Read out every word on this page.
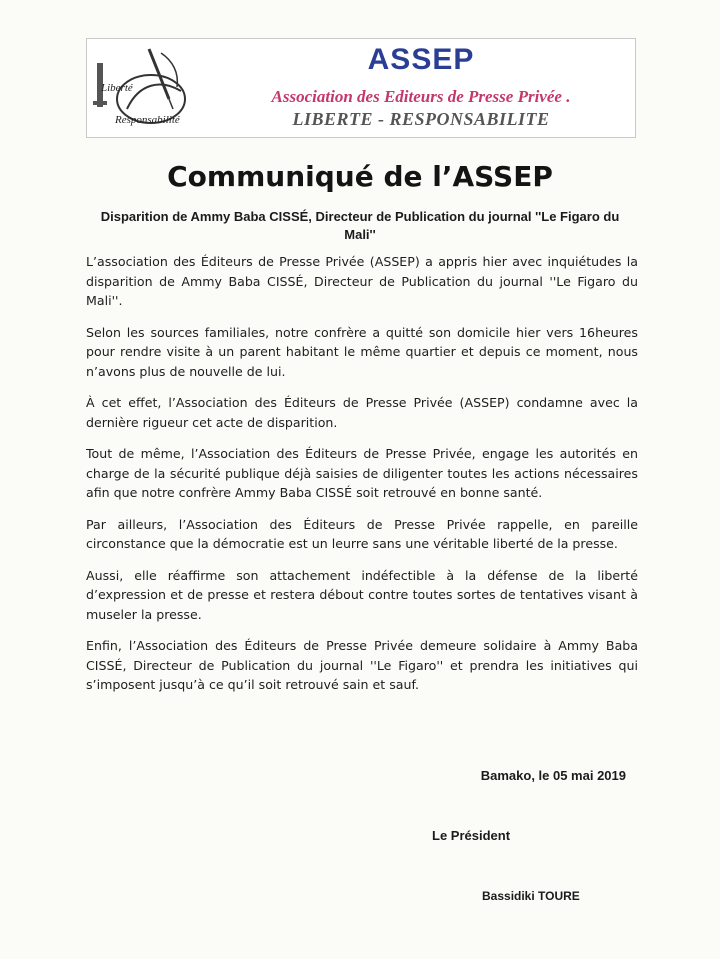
Liberté
Responsabilité
ASSEP
Association des Editeurs de Presse Privée .
LIBERTE - RESPONSABILITE
Communiqué de l’ASSEP
Disparition de Ammy Baba CISSÉ, Directeur de Publication du journal ''Le Figaro du Mali''

L’association des Éditeurs de Presse Privée (ASSEP) a appris hier avec inquiétudes la disparition de Ammy Baba CISSÉ, Directeur de Publication du journal ''Le Figaro du Mali''.

Selon les sources familiales, notre confrère a quitté son domicile hier vers 16heures pour rendre visite à un parent habitant le même quartier et depuis ce moment, nous n’avons plus de nouvelle de lui.

À cet effet, l’Association des Éditeurs de Presse Privée (ASSEP) condamne avec la dernière rigueur cet acte de disparition.

Tout de même, l’Association des Éditeurs de Presse Privée, engage les autorités en charge de la sécurité publique déjà saisies de diligenter toutes les actions nécessaires afin que notre confrère Ammy Baba CISSÉ soit retrouvé en bonne santé.

Par ailleurs, l’Association des Éditeurs de Presse Privée rappelle, en pareille circonstance que la démocratie est un leurre sans une véritable liberté de la presse.

Aussi, elle réaffirme son attachement indéfectible à la défense de la liberté d’expression et de presse et restera débout contre toutes sortes de tentatives visant à museler la presse.

Enfin, l’Association des Éditeurs de Presse Privée demeure solidaire à Ammy Baba CISSÉ, Directeur de Publication du journal ''Le Figaro'' et prendra les initiatives qui s’imposent jusqu’à ce qu’il soit retrouvé sain et sauf.

Bamako, le 05 mai 2019
Le Président
Bassidiki TOURE
